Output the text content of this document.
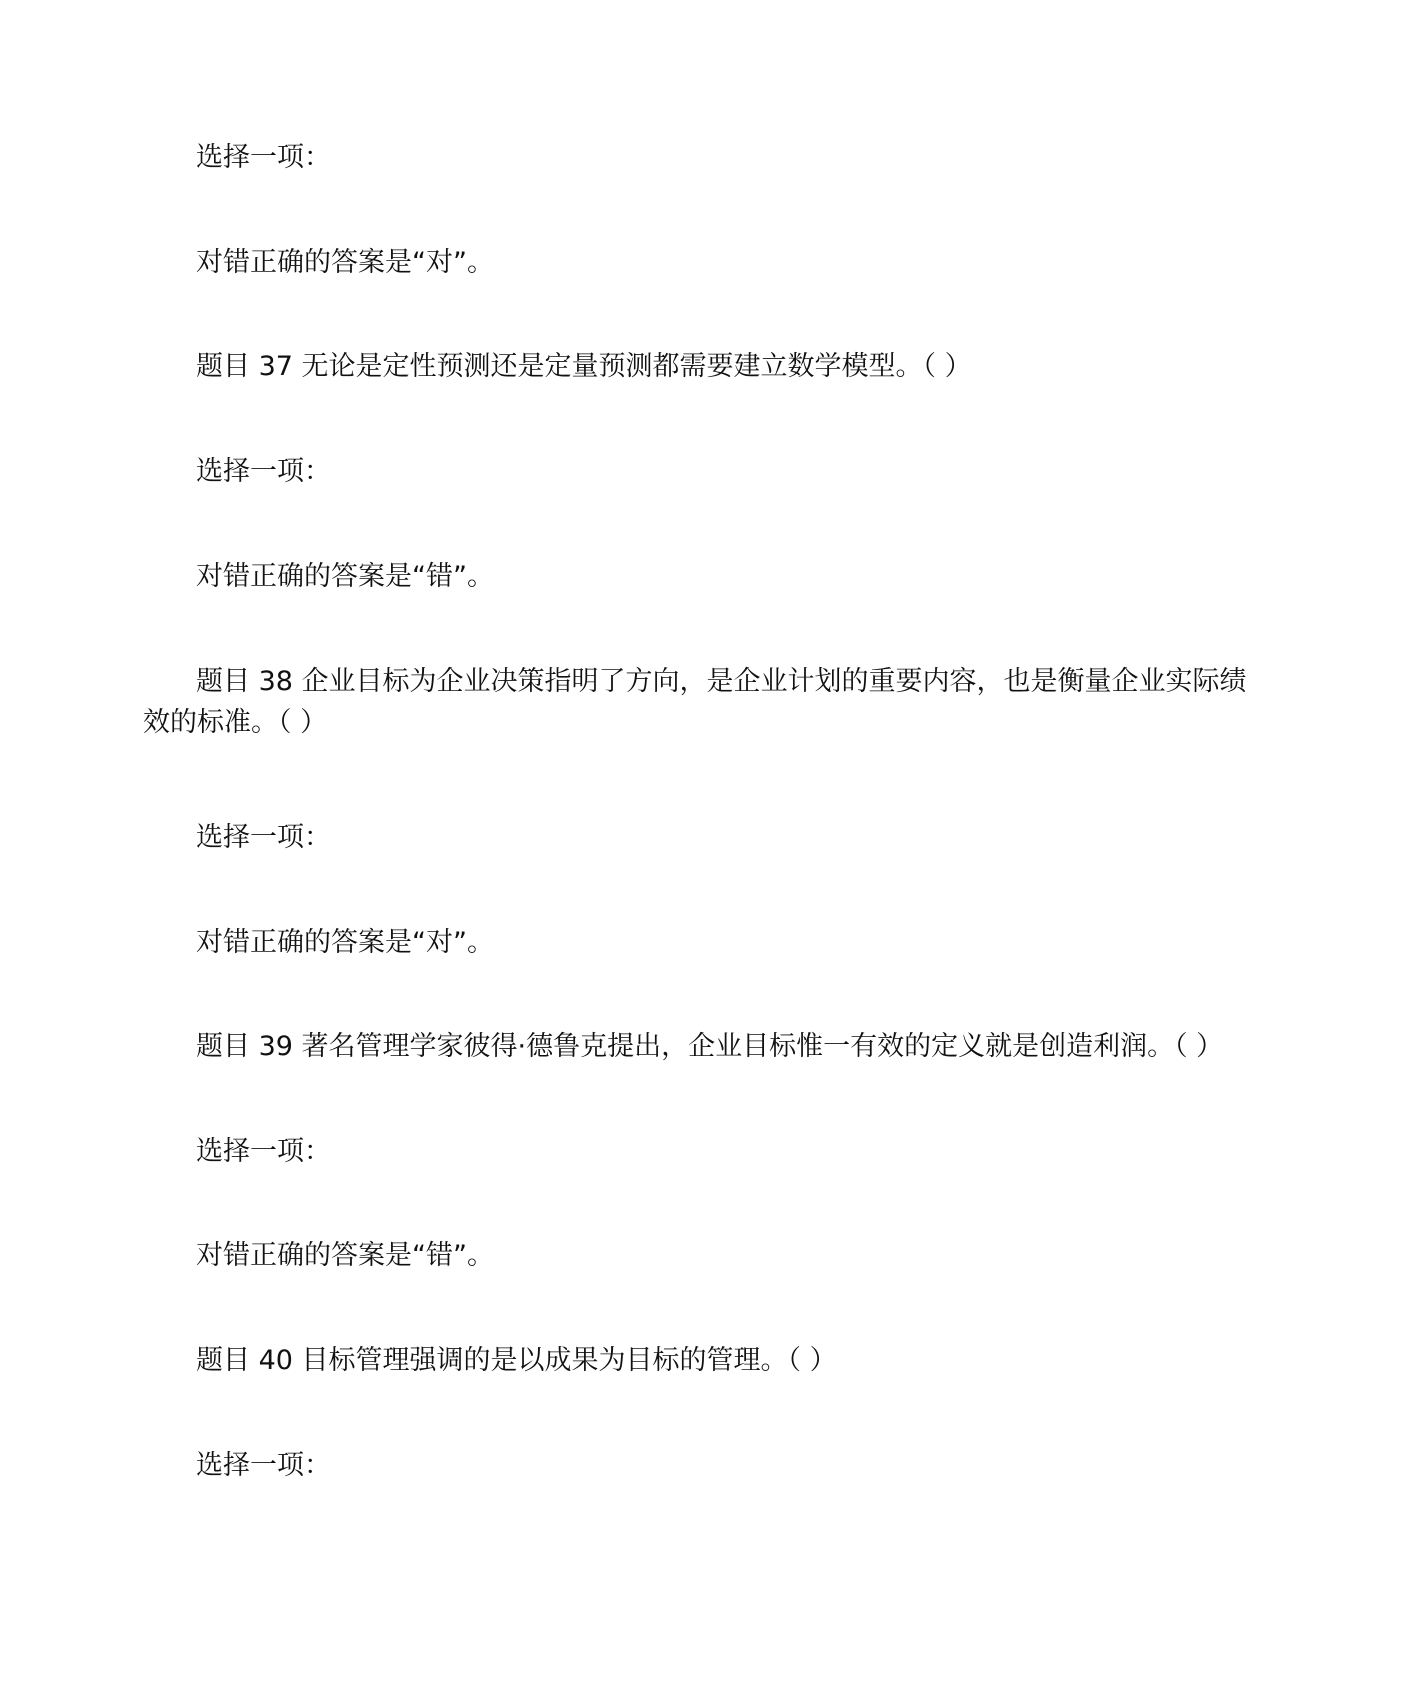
选择一项：
对错正确的答案是“对”。
题目 37 无论是定性预测还是定量预测都需要建立数学模型。（ ）
选择一项：
对错正确的答案是“错”。
题目 38 企业目标为企业决策指明了方向，是企业计划的重要内容，也是衡量企业实际绩效的标准。（ ）
选择一项：
对错正确的答案是“对”。
题目 39 著名管理学家彼得·德鲁克提出，企业目标惟一有效的定义就是创造利润。（ ）
选择一项：
对错正确的答案是“错”。
题目 40 目标管理强调的是以成果为目标的管理。（ ）
选择一项：
